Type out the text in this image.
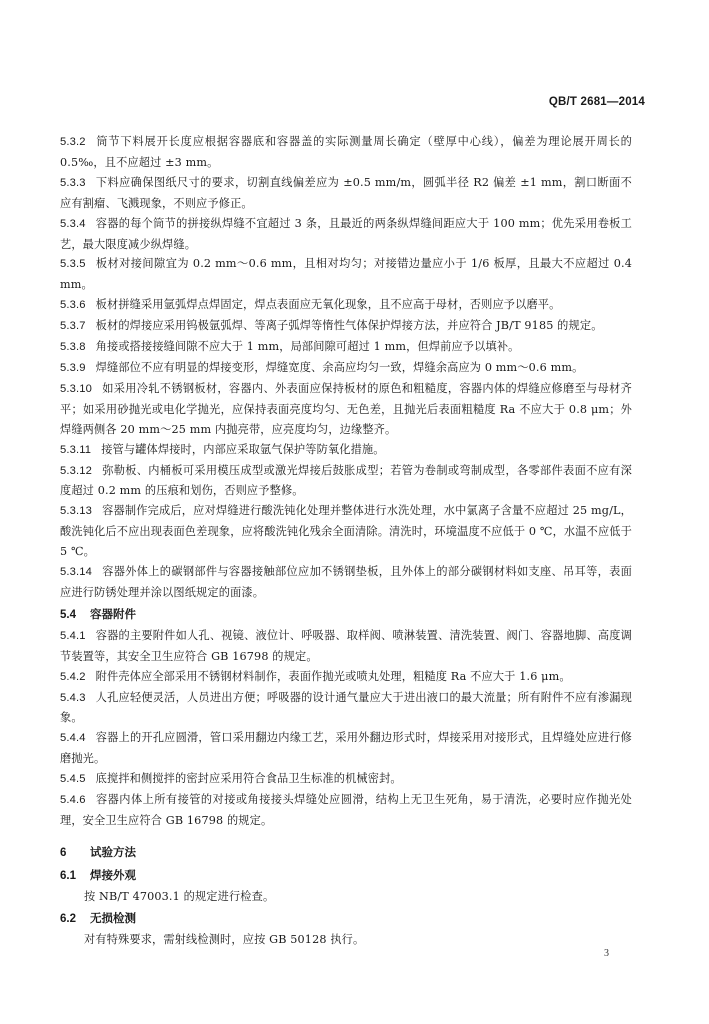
QB/T 2681—2014

5.3.2 筒节下料展开长度应根据容器底和容器盖的实际测量周长确定（壁厚中心线），偏差为理论展开周长的 0.5‰，且不应超过 ±3 mm。

5.3.3 下料应确保图纸尺寸的要求，切割直线偏差应为 ±0.5 mm/m，圆弧半径 R2 偏差 ±1 mm，割口断面不应有割瘤、飞溅现象，不则应予修正。

5.3.4 容器的每个筒节的拼接纵焊缝不宜超过 3 条，且最近的两条纵焊缝间距应大于 100 mm；优先采用卷板工艺，最大限度减少纵焊缝。

5.3.5 板材对接间隙宜为 0.2 mm～0.6 mm，且相对均匀；对接错边量应小于 1/6 板厚，且最大不应超过 0.4 mm。

5.3.6 板材拼缝采用氩弧焊点焊固定，焊点表面应无氧化现象，且不应高于母材，否则应予以磨平。

5.3.7 板材的焊接应采用钨极氩弧焊、等离子弧焊等惰性气体保护焊接方法，并应符合 JB/T 9185 的规定。

5.3.8 角接或搭接接缝间隙不应大于 1 mm，局部间隙可超过 1 mm，但焊前应予以填补。

5.3.9 焊缝部位不应有明显的焊接变形，焊缝宽度、余高应均匀一致，焊缝余高应为 0 mm～0.6 mm。

5.3.10 如采用冷轧不锈钢板材，容器内、外表面应保持板材的原色和粗糙度，容器内体的焊缝应修磨至与母材齐平；如采用砂抛光或电化学抛光，应保持表面亮度均匀、无色差，且抛光后表面粗糙度 Ra 不应大于 0.8 μm；外焊缝两侧各 20 mm～25 mm 内抛亮带，应亮度均匀，边缘整齐。

5.3.11 接管与罐体焊接时，内部应采取氩气保护等防氧化措施。

5.3.12 弥勒板、内桶板可采用模压成型或激光焊接后鼓胀成型；若管为卷制或弯制成型，各零部件表面不应有深度超过 0.2 mm 的压痕和划伤，否则应予整修。

5.3.13 容器制作完成后，应对焊缝进行酸洗钝化处理并整体进行水洗处理，水中氯离子含量不应超过 25 mg/L，酸洗钝化后不应出现表面色差现象，应将酸洗钝化残余全面清除。清洗时，环境温度不应低于 0 ℃，水温不应低于 5 ℃。

5.3.14 容器外体上的碳钢部件与容器接触部位应加不锈钢垫板，且外体上的部分碳钢材料如支座、吊耳等，表面应进行防锈处理并涂以图纸规定的面漆。

5.4 容器附件

5.4.1 容器的主要附件如人孔、视镜、液位计、呼吸器、取样阀、喷淋装置、清洗装置、阀门、容器地脚、高度调节装置等，其安全卫生应符合 GB 16798 的规定。

5.4.2 附件壳体应全部采用不锈钢材料制作，表面作抛光或喷丸处理，粗糙度 Ra 不应大于 1.6 μm。

5.4.3 人孔应轻便灵活，人员进出方便；呼吸器的设计通气量应大于进出液口的最大流量；所有附件不应有渗漏现象。

5.4.4 容器上的开孔应圆滑，管口采用翻边内缘工艺，采用外翻边形式时，焊接采用对接形式，且焊缝处应进行修磨抛光。

5.4.5 底搅拌和侧搅拌的密封应采用符合食品卫生标准的机械密封。

5.4.6 容器内体上所有接管的对接或角接接头焊缝处应圆滑，结构上无卫生死角，易于清洗，必要时应作抛光处理，安全卫生应符合 GB 16798 的规定。

6 试验方法

6.1 焊接外观

按 NB/T 47003.1 的规定进行检查。

6.2 无损检测

对有特殊要求，需射线检测时，应按 GB 50128 执行。

3
